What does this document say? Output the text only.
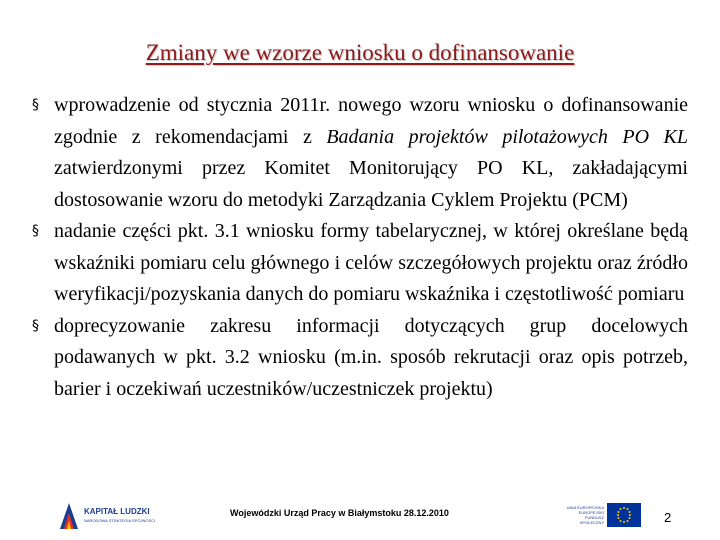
Zmiany we wzorze wniosku o dofinansowanie
§ wprowadzenie od stycznia 2011r. nowego wzoru wniosku o dofinansowanie zgodnie z rekomendacjami z Badania projektów pilotażowych PO KL zatwierdzonymi przez Komitet Monitorujący PO KL, zakładającymi dostosowanie wzoru do metodyki Zarządzania Cyklem Projektu (PCM)
§ nadanie części pkt. 3.1 wniosku formy tabelarycznej, w której określane będą wskaźniki pomiaru celu głównego i celów szczegółowych projektu oraz źródło weryfikacji/pozyskania danych do pomiaru wskaźnika i częstotliwość pomiaru
§ doprecyzowanie zakresu informacji dotyczących grup docelowych podawanych w pkt. 3.2 wniosku (m.in. sposób rekrutacji oraz opis potrzeb, barier i oczekiwań uczestników/uczestniczek projektu)
KAPITAŁ LUDZKI
NARODOWA STRATEGIA SPÓJNOŚCI
Wojewódzki Urząd Pracy w Białymstoku 28.12.2010
UNIA EUROPEJSKA
EUROPEJSKI FUNDUSZ SPOŁECZNY	2
